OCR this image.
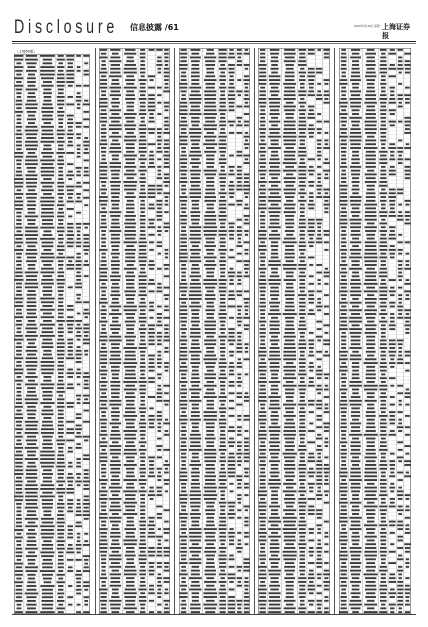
Disclosure	信息披露 /61	2020年9月28日 星期一 上海证券报
（上接60版）
